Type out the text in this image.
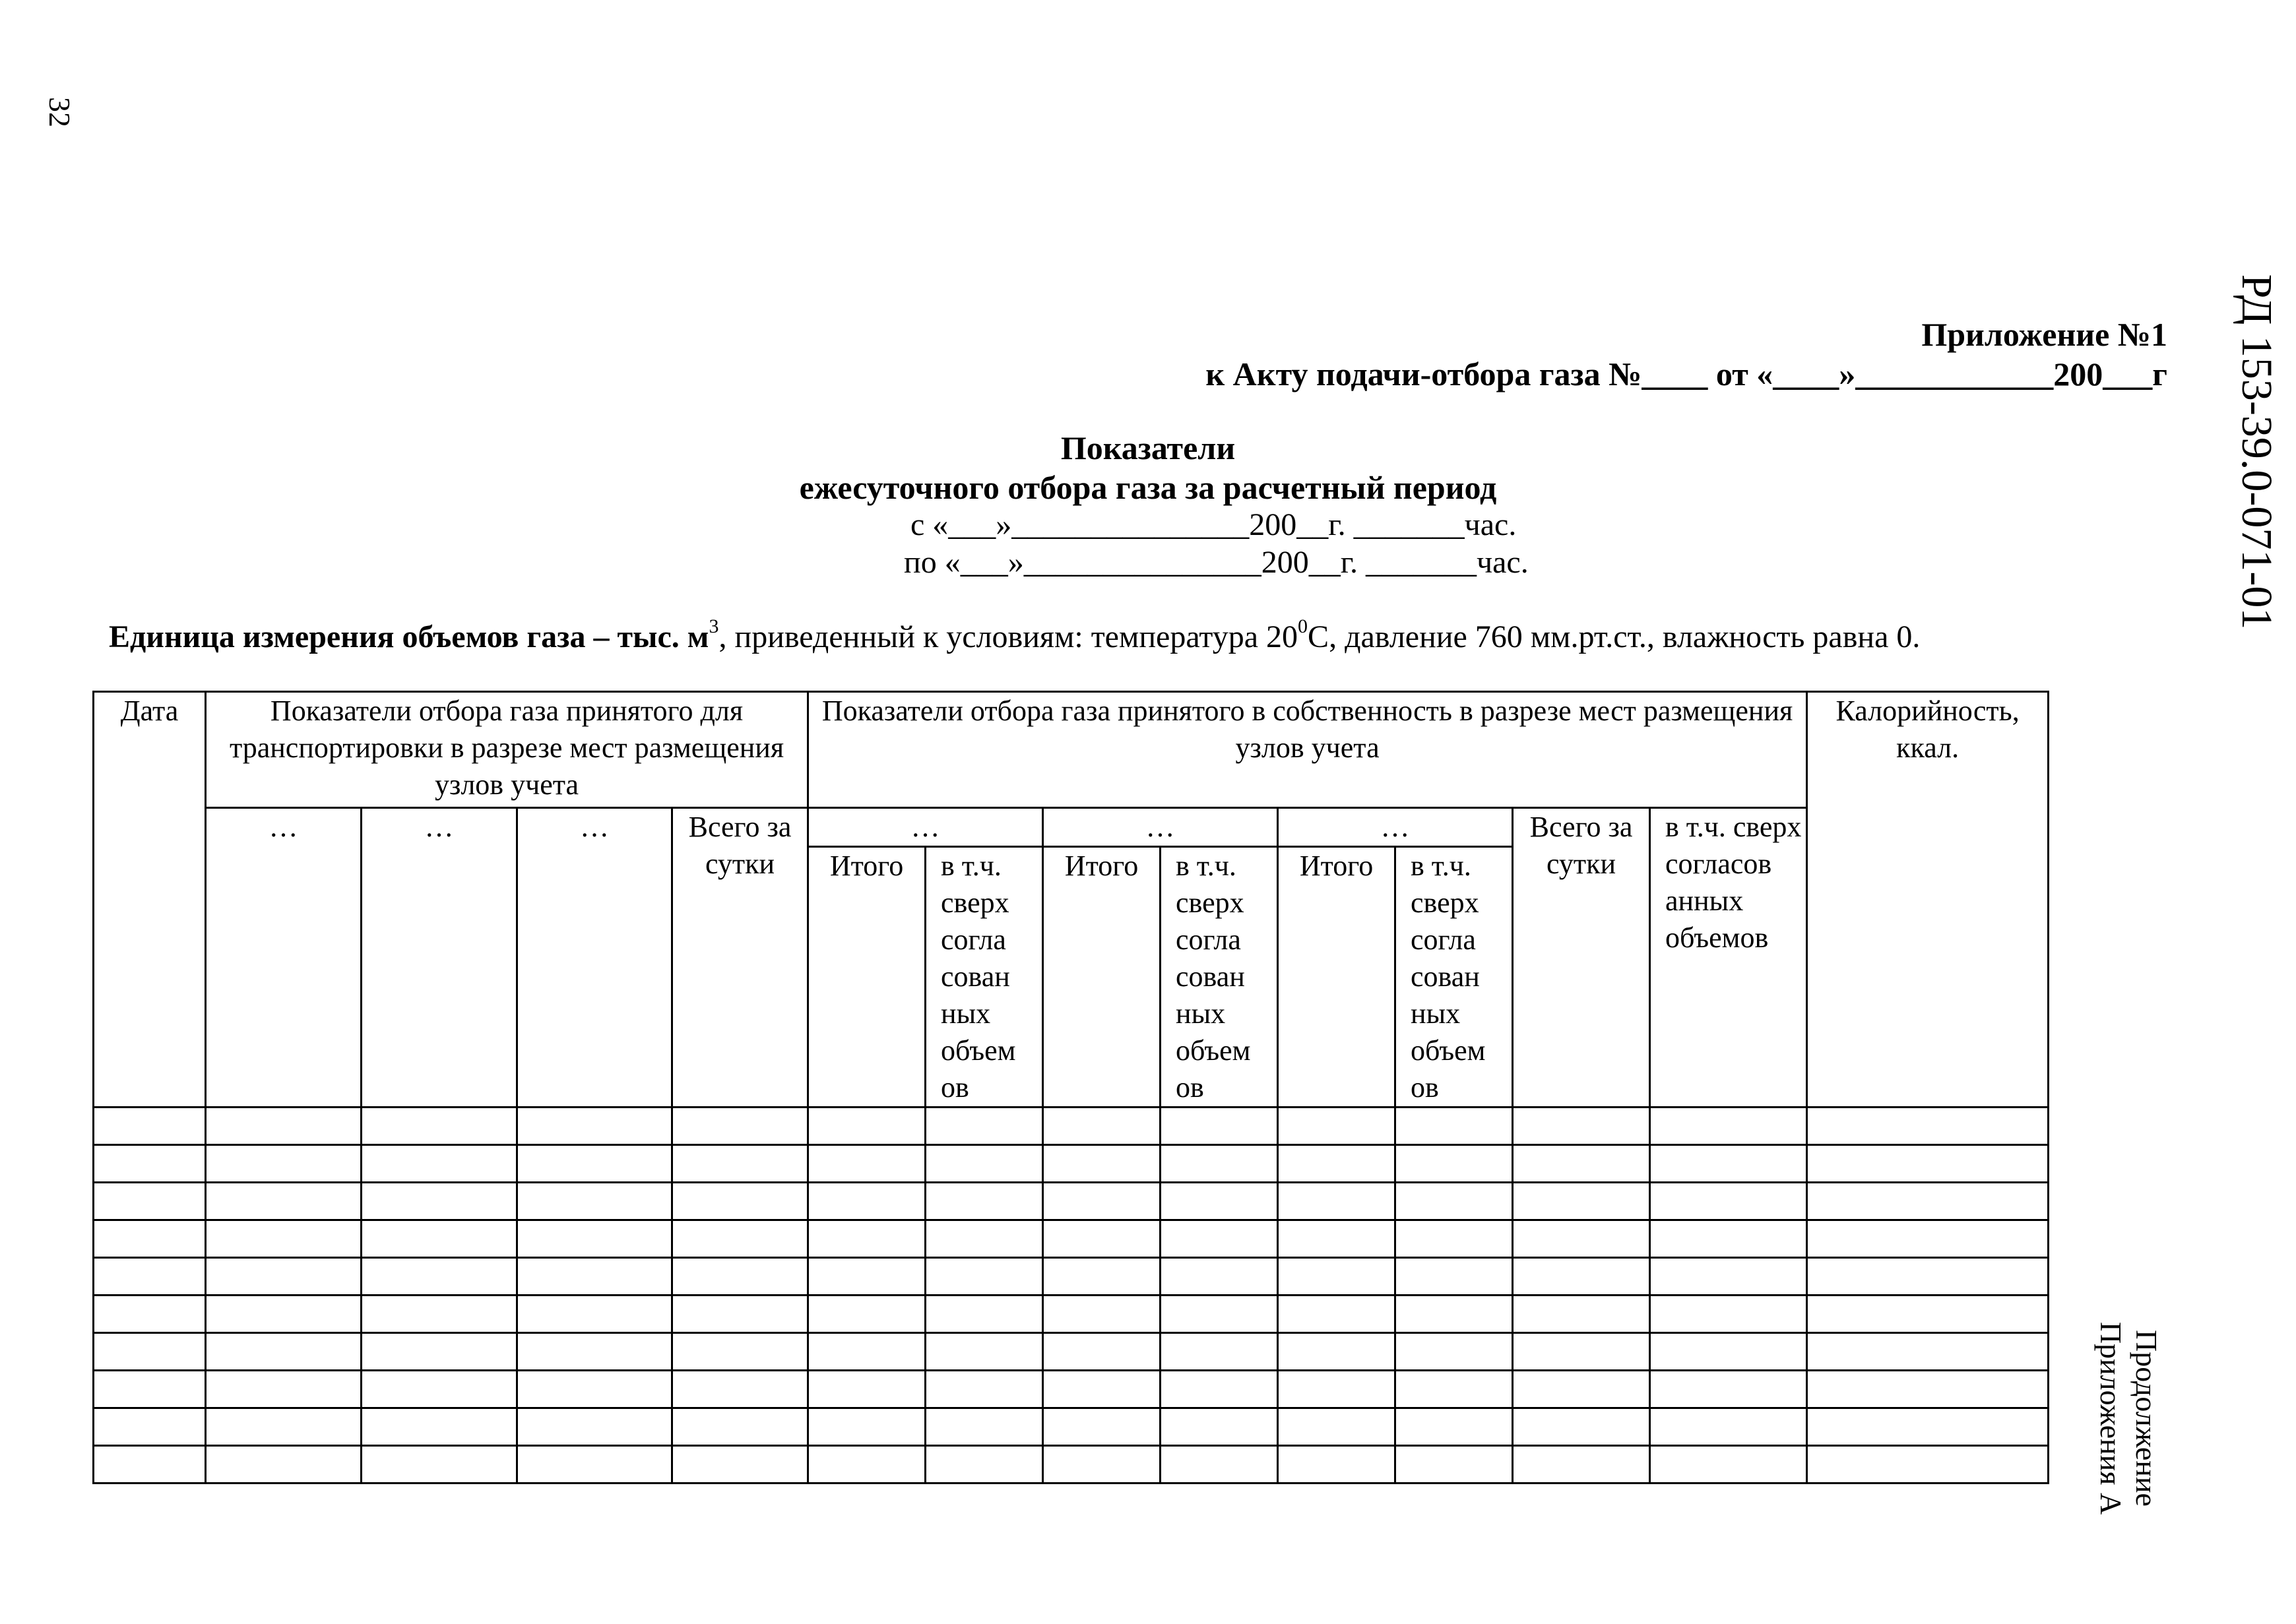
32
РД 153-39.0-071-01
Продолжение
Приложения А
Приложение №1
к Акту подачи-отбора газа №____ от «____»____________200___г
Показатели
ежесуточного отбора газа за расчетный период
с «___»_______________200__г. _______час.
по «___»_______________200__г. _______час.
Единица измерения объемов газа – тыс. $м^3$, приведенный к условиям: температура $20^0С$, давление 760 мм.рт.ст., влажность равна 0.
Дата	Показатели отбора газа принятого для транспортировки в разрезе мест размещения узлов учета				Показатели отбора газа принятого в собственность в разрезе мест размещения узлов учета								Калорийность, ккал.

	…	…	…	Всего за сутки	…		…		…		Всего за сутки	в т.ч. сверх согласов анных объемов	

					Итого	в т.ч. сверх согла сован ных объем ов	Итого	в т.ч. сверх согла сован ных объем ов	Итого	в т.ч. сверх согла сован ных объем ов			
